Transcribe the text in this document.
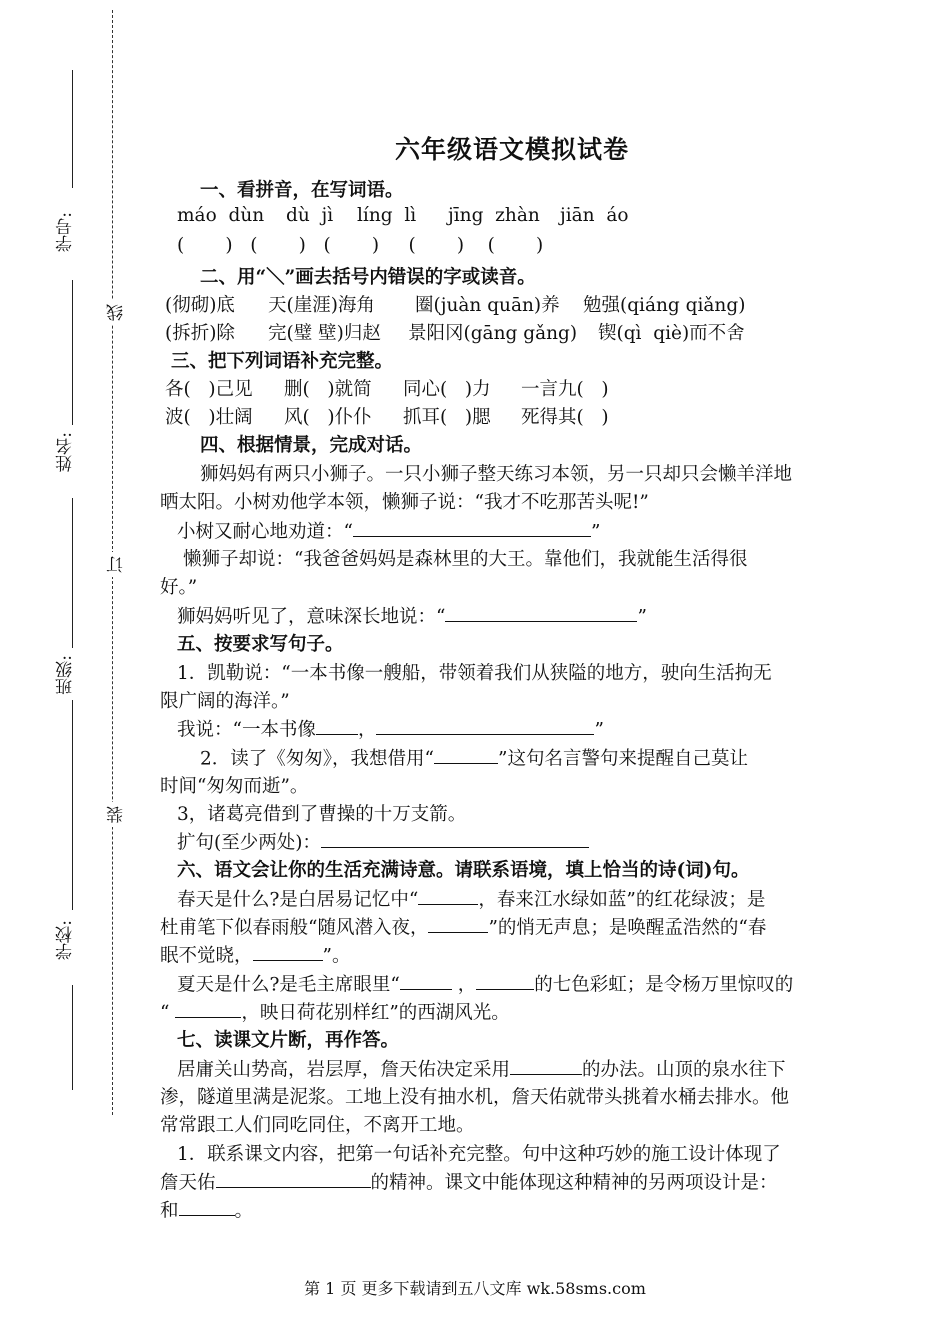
学号:
姓名:
班级:
学校:
线
订
装
六年级语文模拟试卷
一、看拼音，在写词语。
máo  dùn dù  jì líng  lì jīng  zhàn jiān  áo
(       )   (       )   (       )     (       )    (       )
二、用“＼”画去括号内错误的字或读音。
(彻砌)底 天(崖涯)海角 圈(juàn quān)养 勉强(qiáng qiǎng)
(拆折)除 完(璧 壁)归赵 景阳冈(gāng gǎng) 锲(qì  qiè)而不舍
三、把下列词语补充完整。
各(   )己见 删(   )就简 同心(   )力 一言九(   )
波(   )壮阔 风(   )仆仆 抓耳(   )腮 死得其(   )
四、根据情景，完成对话。
狮妈妈有两只小狮子。一只小狮子整天练习本领，另一只却只会懒羊洋地
晒太阳。小树劝他学本领，懒狮子说：“我才不吃那苦头呢!”
小树又耐心地劝道：“	”
懒狮子却说：“我爸爸妈妈是森林里的大王。靠他们，我就能生活得很
好。”
狮妈妈听见了，意味深长地说：“	”
五、按要求写句子。
1．凯勒说：“一本书像一艘船，带领着我们从狭隘的地方，驶向生活拘无
限广阔的海洋。”
我说：“一本书像 ，	”
2．读了《匆匆》，我想借用“	”这句名言警句来提醒自己莫让
时间“匆匆而逝”。
3，诸葛亮借到了曹操的十万支箭。
扩句(至少两处)：
六、语文会让你的生活充满诗意。请联系语境，填上恰当的诗(词)句。
春天是什么?是白居易记忆中“	，春来江水绿如蓝”的红花绿波；是
杜甫笔下似春雨般“随风潜入夜，	”的悄无声息；是唤醒孟浩然的“春
眠不觉晓，	”。
夏天是什么?是毛主席眼里“	，	的七色彩虹；是令杨万里惊叹的
“	，映日荷花别样红”的西湖风光。
七、读课文片断，再作答。
居庸关山势高，岩层厚，詹天佑决定采用	的办法。山顶的泉水往下
渗，隧道里满是泥浆。工地上没有抽水机，詹天佑就带头挑着水桶去排水。他
常常跟工人们同吃同住，不离开工地。
1．联系课文内容，把第一句话补充完整。句中这种巧妙的施工设计体现了
詹天佑	的精神。课文中能体现这种精神的另两项设计是：
和	。
第 1 页 更多下载请到五八文库 wk.58sms.com
